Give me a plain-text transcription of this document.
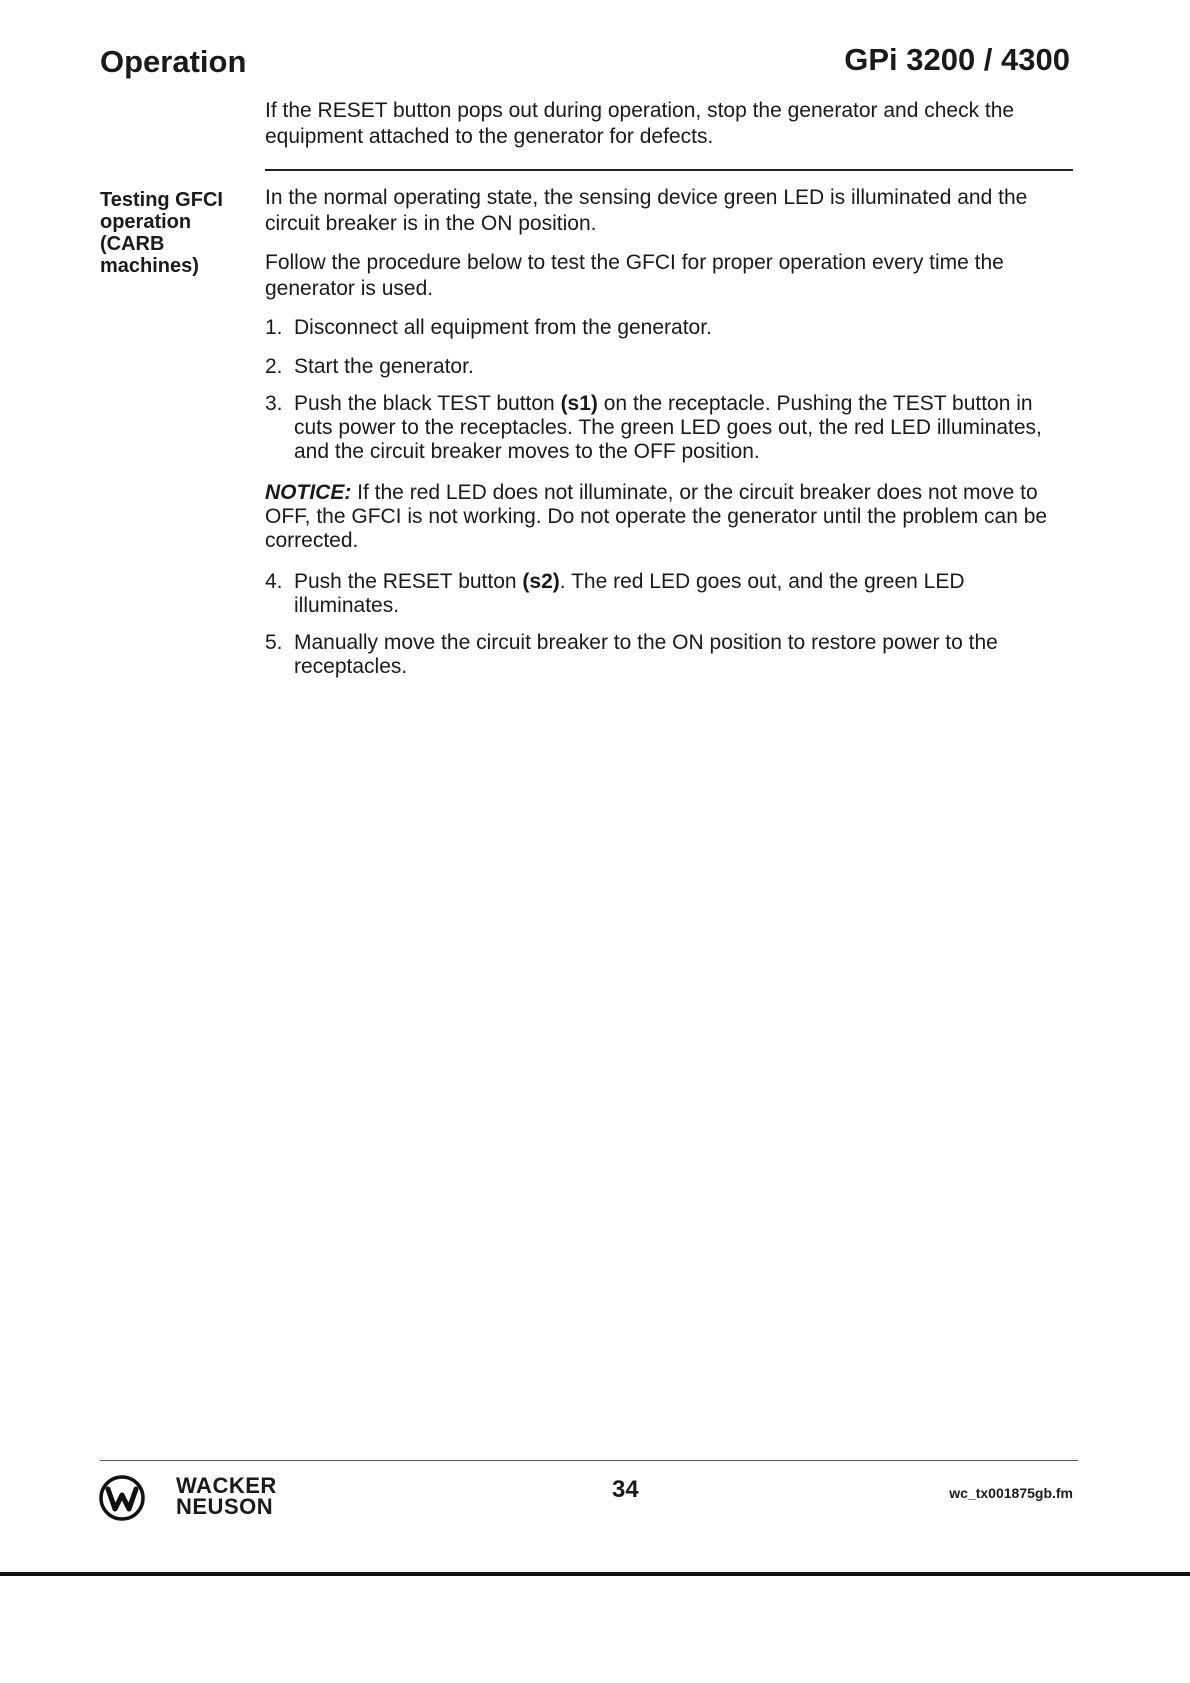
Operation	GPi 3200 / 4300
If the RESET button pops out during operation, stop the generator and check the equipment attached to the generator for defects.
Testing GFCI operation (CARB machines)
In the normal operating state, the sensing device green LED is illuminated and the circuit breaker is in the ON position.
Follow the procedure below to test the GFCI for proper operation every time the generator is used.
1. Disconnect all equipment from the generator.
2. Start the generator.
3. Push the black TEST button (s1) on the receptacle. Pushing the TEST button in cuts power to the receptacles. The green LED goes out, the red LED illuminates, and the circuit breaker moves to the OFF position.
NOTICE: If the red LED does not illuminate, or the circuit breaker does not move to OFF, the GFCI is not working. Do not operate the generator until the problem can be corrected.
4. Push the RESET button (s2). The red LED goes out, and the green LED illuminates.
5. Manually move the circuit breaker to the ON position to restore power to the receptacles.
WACKER
NEUSON
34	wc_tx001875gb.fm
